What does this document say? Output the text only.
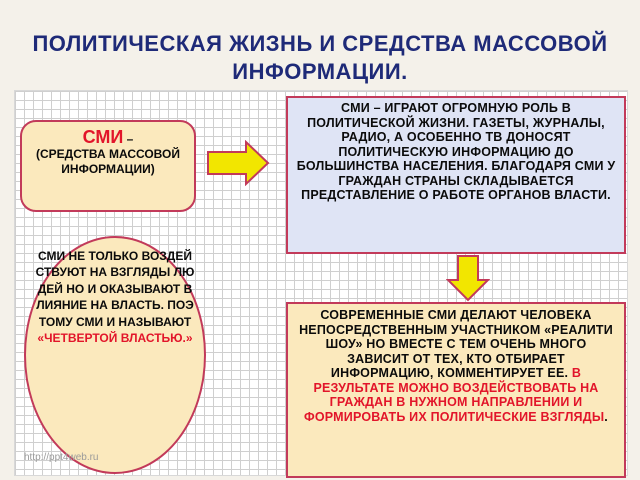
ПОЛИТИЧЕСКАЯ ЖИЗНЬ И СРЕДСТВА МАССОВОЙ ИНФОРМАЦИИ.
СМИ –
(СРЕДСТВА МАССОВОЙ ИНФОРМАЦИИ)
СМИ – ИГРАЮТ ОГРОМНУЮ РОЛЬ В ПОЛИТИЧЕСКОЙ ЖИЗНИ. ГАЗЕТЫ, ЖУРНАЛЫ, РАДИО, А ОСОБЕННО ТВ ДОНОСЯТ ПОЛИТИЧЕСКУЮ ИНФОРМАЦИЮ ДО БОЛЬШИНСТВА НАСЕЛЕНИЯ. БЛАГОДАРЯ СМИ У ГРАЖДАН СТРАНЫ СКЛАДЫВАЕТСЯ ПРЕДСТАВЛЕНИЕ О РАБОТЕ ОРГАНОВ ВЛАСТИ.
СОВРЕМЕННЫЕ СМИ ДЕЛАЮТ ЧЕЛОВЕКА НЕПОСРЕДСТВЕННЫМ УЧАСТНИКОМ «РЕАЛИТИ ШОУ» НО ВМЕСТЕ С ТЕМ ОЧЕНЬ МНОГО ЗАВИСИТ ОТ ТЕХ, КТО ОТБИРАЕТ ИНФОРМАЦИЮ, КОММЕНТИРУЕТ ЕЕ. В РЕЗУЛЬТАТЕ МОЖНО ВОЗДЕЙСТВОВАТЬ НА ГРАЖДАН В НУЖНОМ НАПРАВЛЕНИИ И ФОРМИРОВАТЬ ИХ ПОЛИТИЧЕСКИЕ ВЗГЛЯДЫ.
СМИ НЕ ТОЛЬКО ВОЗДЕЙСТВУЮТ НА ВЗГЛЯДЫ ЛЮДЕЙ НО И ОКАЗЫВАЮТ ВЛИЯНИЕ НА ВЛАСТЬ. ПОЭТОМУ СМИ И НАЗЫВАЮТ «ЧЕТВЕРТОЙ ВЛАСТЬЮ.»
http://ppt4web.ru
